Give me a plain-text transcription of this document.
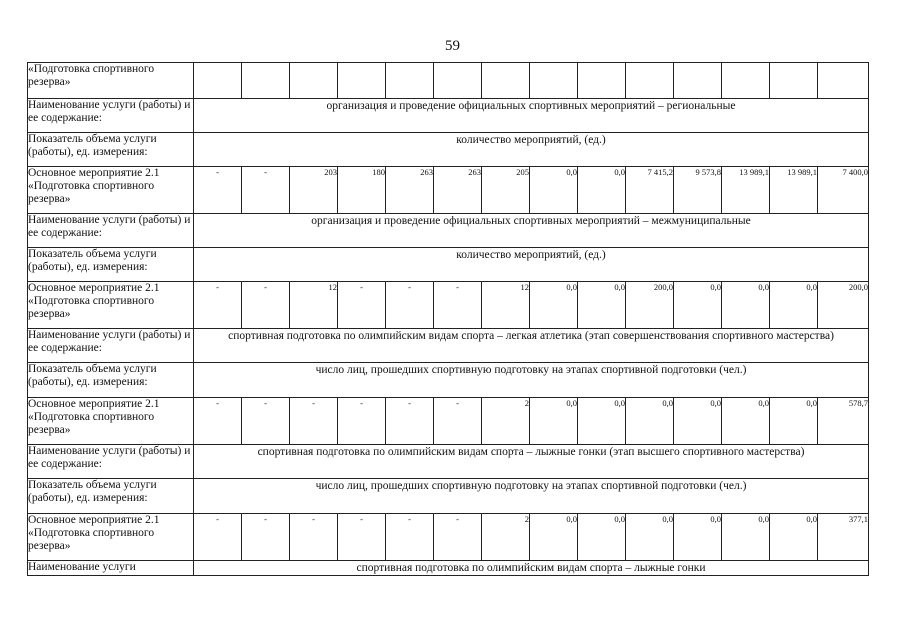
59
«Подготовка спортивного резерва»														
Наименование услуги (работы) и ее содержание:	организация и проведение официальных спортивных мероприятий – региональные													
Показатель объема услуги (работы), ед. измерения:	количество мероприятий, (ед.)													
Основное мероприятие 2.1 «Подготовка спортивного резерва»	-	-	203	180	263	263	205	0,0	0,0	7 415,2	9 573,8	13 989,1	13 989,1	7 400,0
Наименование услуги (работы) и ее содержание:	организация и проведение официальных спортивных мероприятий – межмуниципальные													
Показатель объема услуги (работы), ед. измерения:	количество мероприятий, (ед.)													
Основное мероприятие 2.1 «Подготовка спортивного резерва»	-	-	12	-	-	-	12	0,0	0,0	200,0	0,0	0,0	0,0	200,0
Наименование услуги (работы) и ее содержание:	спортивная подготовка по олимпийским видам спорта – легкая атлетика (этап совершенствования спортивного мастерства)													
Показатель объема услуги (работы), ед. измерения:	число лиц, прошедших спортивную подготовку на этапах спортивной подготовки (чел.)													
Основное мероприятие 2.1 «Подготовка спортивного резерва»	-	-	-	-	-	-	2	0,0	0,0	0,0	0,0	0,0	0,0	578,7
Наименование услуги (работы) и ее содержание:	спортивная подготовка по олимпийским видам спорта – лыжные гонки (этап высшего спортивного мастерства)													
Показатель объема услуги (работы), ед. измерения:	число лиц, прошедших спортивную подготовку на этапах спортивной подготовки (чел.)													
Основное мероприятие 2.1 «Подготовка спортивного резерва»	-	-	-	-	-	-	2	0,0	0,0	0,0	0,0	0,0	0,0	377,1
Наименование услуги	спортивная подготовка по олимпийским видам спорта – лыжные гонки													
